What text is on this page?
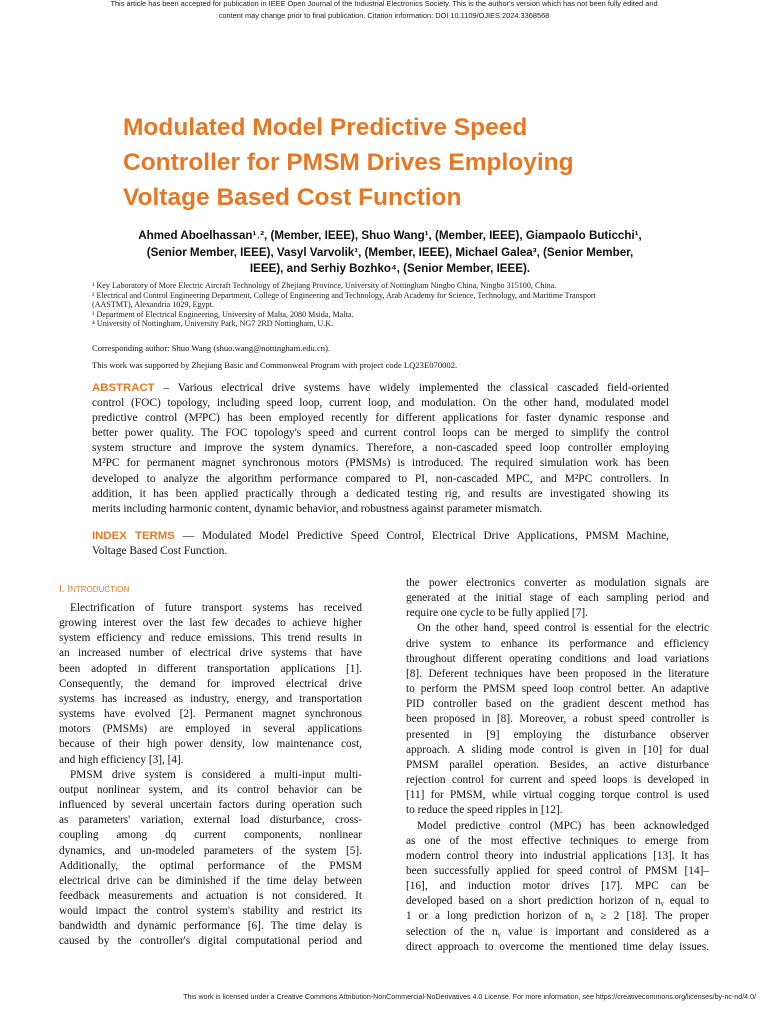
This article has been accepted for publication in IEEE Open Journal of the Industrial Electronics Society. This is the author's version which has not been fully edited and
content may change prior to final publication. Citation information: DOI 10.1109/OJIES.2024.3368568
Modulated Model Predictive Speed
Controller for PMSM Drives Employing
Voltage Based Cost Function
Ahmed Aboelhassan¹˒², (Member, IEEE), Shuo Wang¹, (Member, IEEE), Giampaolo Buticchi¹,
(Senior Member, IEEE), Vasyl Varvolik¹, (Member, IEEE), Michael Galea³, (Senior Member,
IEEE), and Serhiy Bozhko⁴, (Senior Member, IEEE).
¹ Key Laboratory of More Electric Aircraft Technology of Zhejiang Province, University of Nottingham Ningbo China, Ningbo 315100, China.
² Electrical and Control Engineering Department, College of Engineering and Technology, Arab Academy for Science, Technology, and Maritime Transport
(AASTMT), Alexandria 1029, Egypt.
³ Department of Electrical Engineering, University of Malta, 2080 Msida, Malta.
⁴ University of Nottingham, University Park, NG7 2RD Nottingham, U.K.
Corresponding author: Shuo Wang (shuo.wang@nottingham.edu.cn).
This work was supported by Zhejiang Basic and Commonweal Program with project code LQ23E070002.
ABSTRACT – Various electrical drive systems have widely implemented the classical cascaded field-oriented
control (FOC) topology, including speed loop, current loop, and modulation. On the other hand, modulated model
predictive control (M²PC) has been employed recently for different applications for faster dynamic response and
better power quality. The FOC topology's speed and current control loops can be merged to simplify the control
system structure and improve the system dynamics. Therefore, a non-cascaded speed loop controller employing
M²PC for permanent magnet synchronous motors (PMSMs) is introduced. The required simulation work has been
developed to analyze the algorithm performance compared to PI, non-cascaded MPC, and M²PC controllers. In
addition, it has been applied practically through a dedicated testing rig, and results are investigated showing its
merits including harmonic content, dynamic behavior, and robustness against parameter mismatch.
INDEX TERMS — Modulated Model Predictive Speed Control, Electrical Drive Applications, PMSM Machine,
Voltage Based Cost Function.
I. INTRODUCTION
Electrification of future transport systems has received
growing interest over the last few decades to achieve higher
system efficiency and reduce emissions. This trend results in
an increased number of electrical drive systems that have
been adopted in different transportation applications [1].
Consequently, the demand for improved electrical drive
systems has increased as industry, energy, and transportation
systems have evolved [2]. Permanent magnet synchronous
motors (PMSMs) are employed in several applications
because of their high power density, low maintenance cost,
and high efficiency [3], [4].
PMSM drive system is considered a multi-input multi-
output nonlinear system, and its control behavior can be
influenced by several uncertain factors during operation such
as parameters' variation, external load disturbance, cross-
coupling among dq current components, nonlinear
dynamics, and un-modeled parameters of the system [5].
Additionally, the optimal performance of the PMSM
electrical drive can be diminished if the time delay between
feedback measurements and actuation is not considered. It
would impact the control system's stability and restrict its
bandwidth and dynamic performance [6]. The time delay is
caused by the controller's digital computational period and
the power electronics converter as modulation signals are
generated at the initial stage of each sampling period and
require one cycle to be fully applied [7].
On the other hand, speed control is essential for the electric
drive system to enhance its performance and efficiency
throughout different operating conditions and load variations
[8]. Deferent techniques have been proposed in the literature
to perform the PMSM speed loop control better. An adaptive
PID controller based on the gradient descent method has
been proposed in [8]. Moreover, a robust speed controller is
presented in [9] employing the disturbance observer
approach. A sliding mode control is given in [10] for dual
PMSM parallel operation. Besides, an active disturbance
rejection control for current and speed loops is developed in
[11] for PMSM, while virtual cogging torque control is used
to reduce the speed ripples in [12].
Model predictive control (MPC) has been acknowledged
as one of the most effective techniques to emerge from
modern control theory into industrial applications [13]. It has
been successfully applied for speed control of PMSM [14]–
[16], and induction motor drives [17]. MPC can be
developed based on a short prediction horizon of nᵧ equal to
1 or a long prediction horizon of nᵧ ≥ 2 [18]. The proper
selection of the nᵧ value is important and considered as a
direct approach to overcome the mentioned time delay issues.
This work is licensed under a Creative Commons Attribution-NonCommercial-NoDerivatives 4.0 License. For more information, see https://creativecommons.org/licenses/by-nc-nd/4.0/
